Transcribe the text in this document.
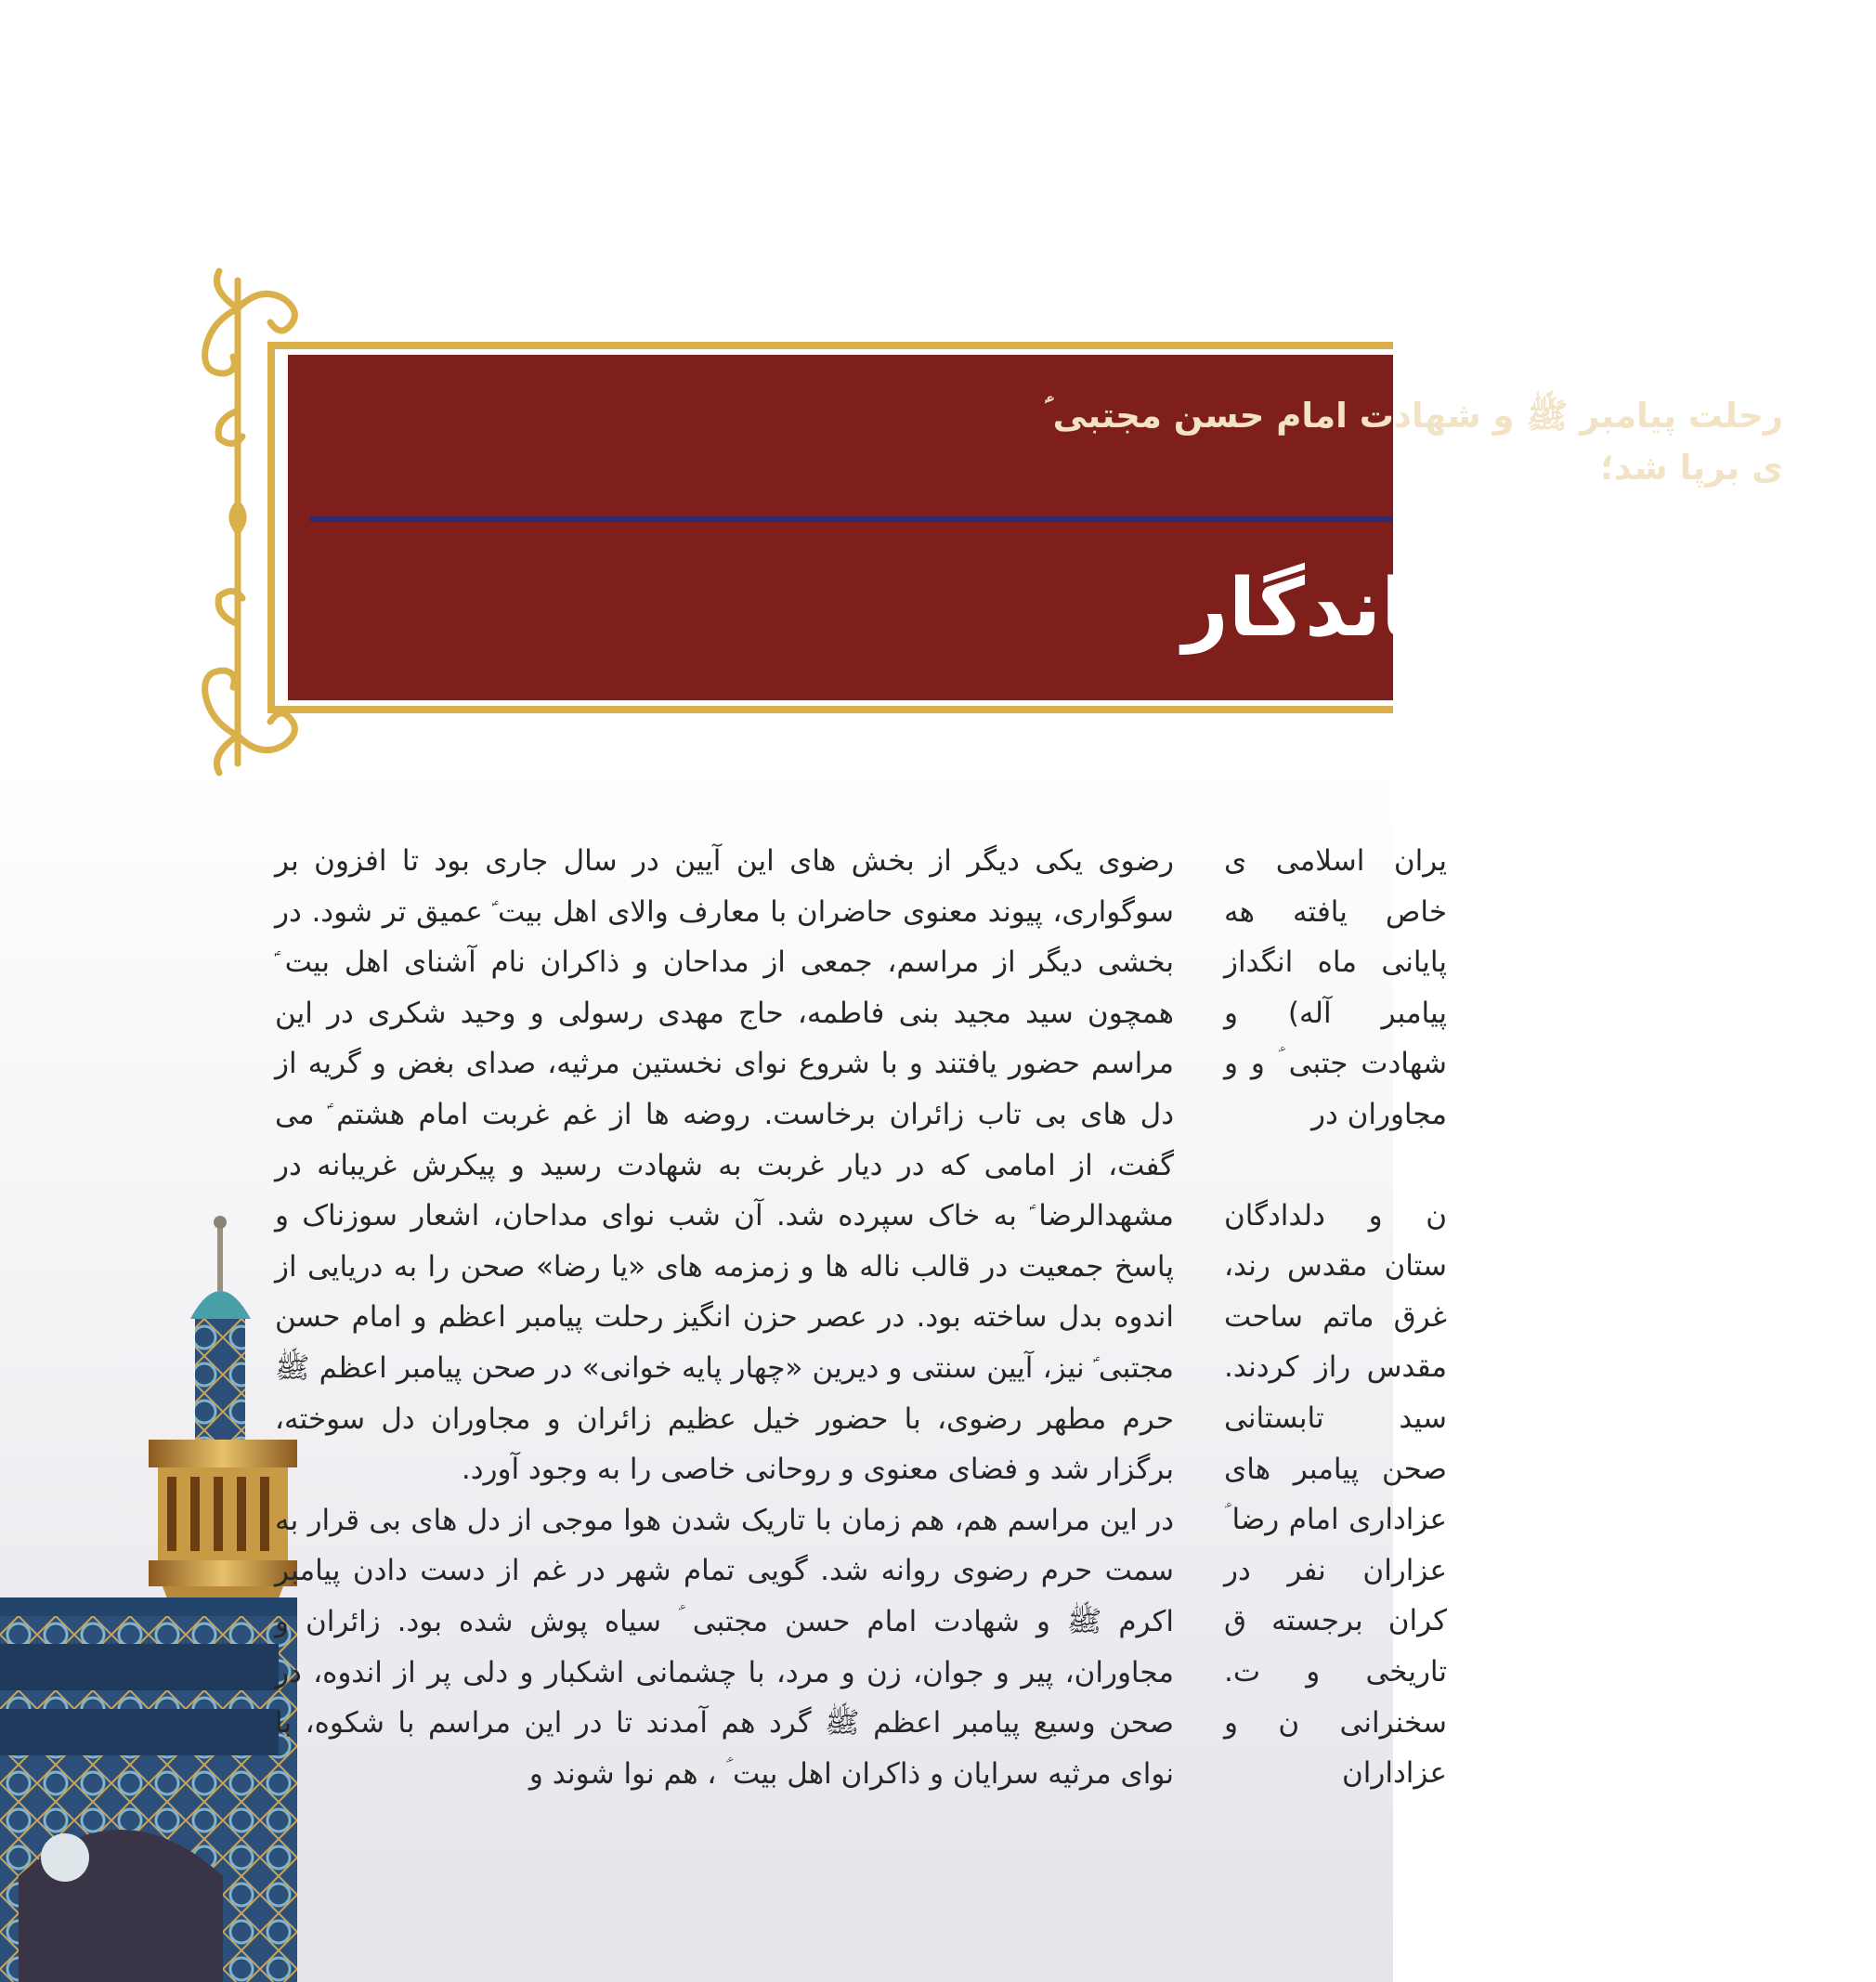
رحلت پیامبر ﷺ و شهادت امام حسن مجتبی ؑ
ی برپا شد؛
ض ارادتی ماندگار

رضوی یکی دیگر از بخش های این آیین در سال جاری بود تا افزون بر سوگواری، پیوند معنوی حاضران با معارف والای اهل بیت ؑ عمیق تر شود. در بخشی دیگر از مراسم، جمعی از مداحان و ذاکران نام آشنای اهل بیت ؑ همچون سید مجید بنی فاطمه، حاج مهدی رسولی و وحید شکری در این مراسم حضور یافتند و با شروع نوای نخستین مرثیه، صدای بغض و گریه از دل های بی تاب زائران برخاست. روضه ها از غم غربت امام هشتم ؑ می گفت، از امامی که در دیار غربت به شهادت رسید و پیکرش غریبانه در مشهدالرضا ؑ به خاک سپرده شد. آن شب نوای مداحان، اشعار سوزناک و پاسخ جمعیت در قالب ناله ها و زمزمه های «یا رضا» صحن را به دریایی از اندوه بدل ساخته بود. در عصر حزن انگیز رحلت پیامبر اعظم و امام حسن مجتبی ؑ نیز، آیین سنتی و دیرین «چهار پایه خوانی» در صحن پیامبر اعظم ﷺ حرم مطهر رضوی، با حضور خیل عظیم زائران و مجاوران دل سوخته، برگزار شد و فضای معنوی و روحانی خاصی را به وجود آورد.

در این مراسم هم، هم زمان با تاریک شدن هوا موجی از دل های بی قرار به سمت حرم رضوی روانه شد. گویی تمام شهر در غم از دست دادن پیامبر اکرم ﷺ و شهادت امام حسن مجتبی ؑ سیاه پوش شده بود. زائران و مجاوران، پیر و جوان، زن و مرد، با چشمانی اشکبار و دلی پر از اندوه، در صحن وسیع پیامبر اعظم ﷺ گرد هم آمدند تا در این مراسم با شکوه، با نوای مرثیه سرایان و ذاکران اهل بیت ؑ ، هم نوا شوند و

یران اسلامی ی خاص یافته هه پایانی ماه انگداز پیامبر آله) و شهادت جتبی ؑ و و مجاوران در

ن و دلدادگان ستان مقدس رند، غرق ماتم ساحت مقدس راز کردند. سید تابستانی صحن پیامبر های عزاداری امام رضا ؑ عزاران نفر در کران برجسته ق تاریخی و ت. سخنرانی ن و عزاداران
